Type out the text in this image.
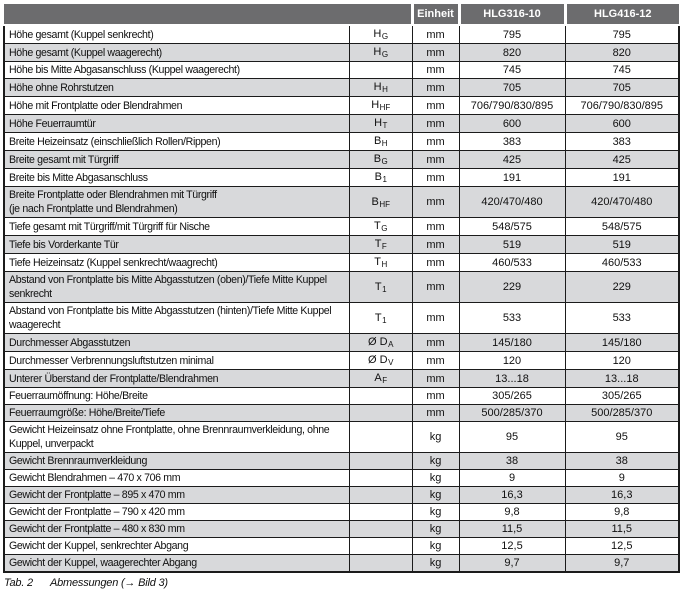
		Einheit	HLG316-10	HLG416-12

Höhe gesamt (Kuppel senkrecht)	HG	mm	795	795

Höhe gesamt (Kuppel waagerecht)	HG	mm	820	820

Höhe bis Mitte Abgasanschluss (Kuppel waagerecht)		mm	745	745

Höhe ohne Rohrstutzen	HH	mm	705	705

Höhe mit Frontplatte oder Blendrahmen	HHF	mm	706/790/830/895	706/790/830/895

Höhe Feuerraumtür	HT	mm	600	600

Breite Heizeinsatz (einschließlich Rollen/Rippen)	BH	mm	383	383

Breite gesamt mit Türgriff	BG	mm	425	425

Breite bis Mitte Abgasanschluss	B1	mm	191	191

Breite Frontplatte oder Blendrahmen mit Türgriff
(je nach Frontplatte und Blendrahmen)	BHF	mm	420/470/480	420/470/480

Tiefe gesamt mit Türgriff/mit Türgriff für Nische	TG	mm	548/575	548/575

Tiefe bis Vorderkante Tür	TF	mm	519	519

Tiefe Heizeinsatz (Kuppel senkrecht/waagrecht)	TH	mm	460/533	460/533

Abstand von Frontplatte bis Mitte Abgasstutzen (oben)/Tiefe Mitte Kuppel
senkrecht	T1	mm	229	229

Abstand von Frontplatte bis Mitte Abgasstutzen (hinten)/Tiefe Mitte Kuppel
waagerecht	T1	mm	533	533

Durchmesser Abgasstutzen	Ø DA	mm	145/180	145/180

Durchmesser Verbrennungsluftstutzen minimal	Ø DV	mm	120	120

Unterer Überstand der Frontplatte/Blendrahmen	AF	mm	13...18	13...18

Feuerraumöffnung: Höhe/Breite		mm	305/265	305/265

Feuerraumgröße: Höhe/Breite/Tiefe		mm	500/285/370	500/285/370

Gewicht Heizeinsatz ohne Frontplatte, ohne Brennraumverkleidung, ohne
Kuppel, unverpackt		kg	95	95

Gewicht Brennraumverkleidung		kg	38	38

Gewicht Blendrahmen – 470 x 706 mm		kg	9	9

Gewicht der Frontplatte – 895 x 470 mm		kg	16,3	16,3

Gewicht der Frontplatte – 790 x 420 mm		kg	9,8	9,8

Gewicht der Frontplatte – 480 x 830 mm		kg	11,5	11,5

Gewicht der Kuppel, senkrechter Abgang		kg	12,5	12,5

Gewicht der Kuppel, waagerechter Abgang		kg	9,7	9,7
Tab. 2 Abmessungen (→ Bild 3)
